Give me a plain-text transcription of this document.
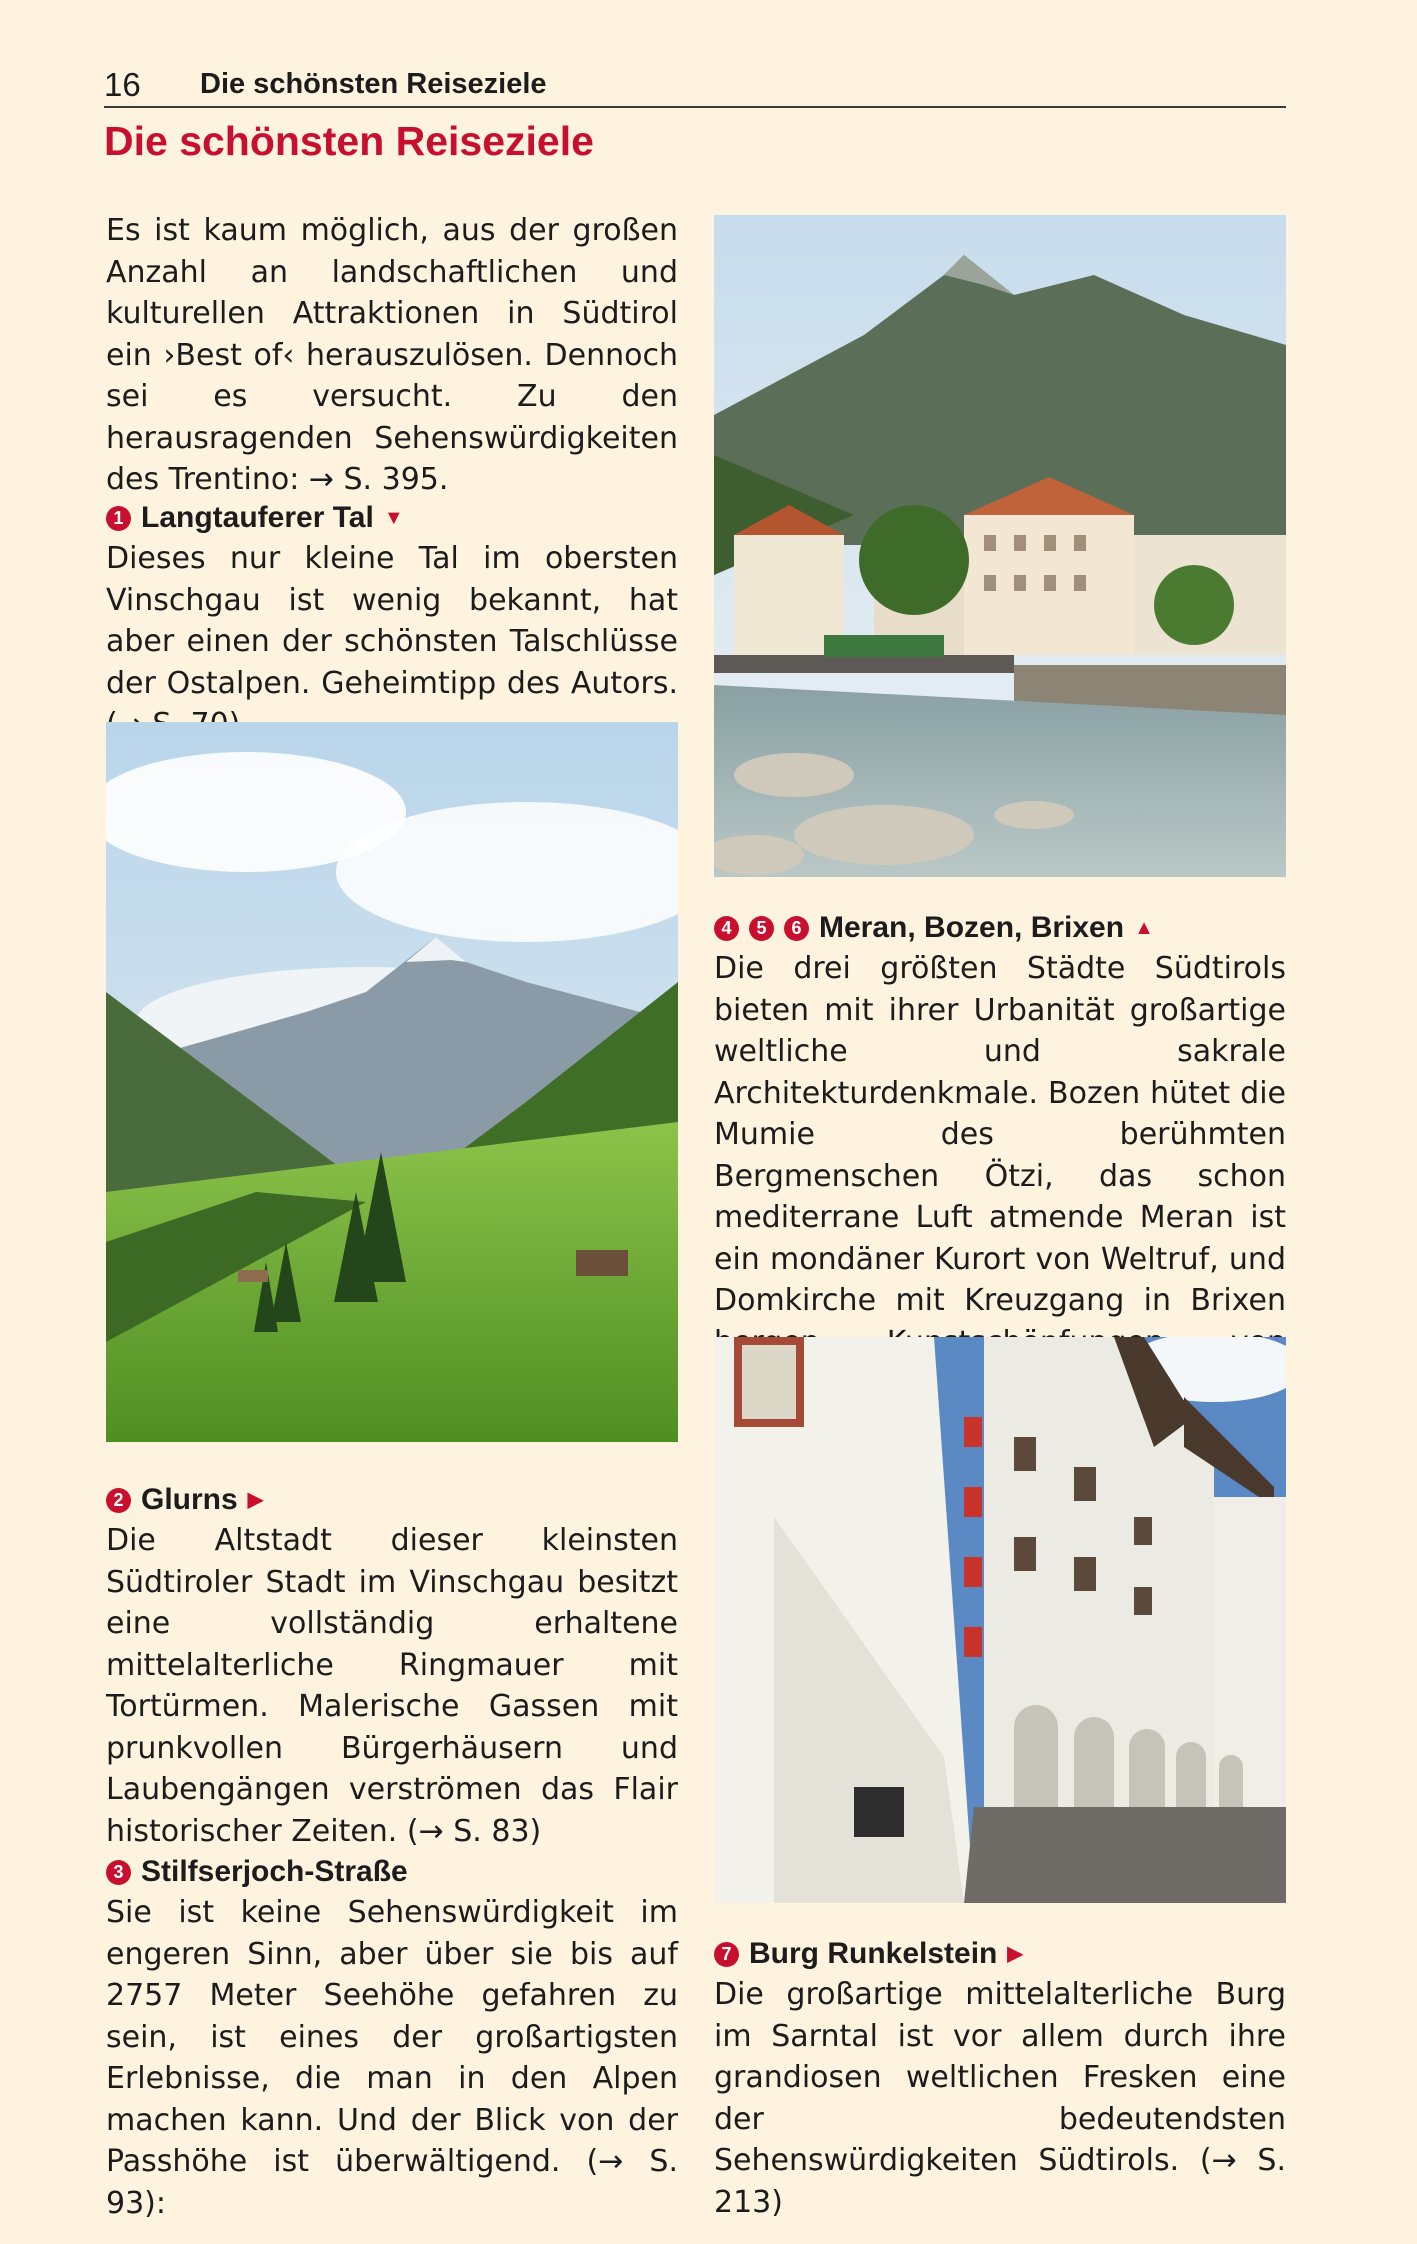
16 Die schönsten Reiseziele
Die schönsten Reiseziele

Es ist kaum möglich, aus der großen Anzahl an landschaftlichen und kulturellen Attraktionen in Südtirol ein ›Best of‹ herauszulösen. Dennoch sei es versucht. Zu den herausragenden Sehenswürdigkeiten des Trentino: → S. 395.

1 Langtauferer Tal ▼

Dieses nur kleine Tal im obersten Vinschgau ist wenig bekannt, hat aber einen der schönsten Talschlüsse der Ostalpen. Geheimtipp des Autors.

2 Glurns ▶

Die Altstadt dieser kleinsten Südtiroler Stadt im Vinschgau besitzt eine vollständig erhaltene mittelalterliche Ringmauer mit Tortürmen. Malerische Gassen mit prunkvollen Bürgerhäusern und Laubengängen verströmen das Flair historischer Zeiten. (→ S. 83)

3 Stilfserjoch-Straße

Sie ist keine Sehenswürdigkeit im engeren Sinn, aber über sie bis auf 2757 Meter Seehöhe gefahren zu sein, ist eines der großartigsten Erlebnisse, die man in den Alpen machen kann. Und der Blick von der Passhöhe ist überwältigend. (→ S. 93):

4	5	6 Meran, Bozen, Brixen ▲

Die drei größten Städte Südtirols bieten mit ihrer Urbanität großartige weltliche und sakrale Architekturdenkmale. Bozen hütet die Mumie des berühmten Bergmenschen Ötzi, das schon mediterrane Luft atmende Meran ist ein mondäner Kurort von Weltruf, und Domkirche mit Kreuzgang in Brixen

7 Burg Runkelstein ▶

Die großartige mittelalterliche Burg im Sarntal ist vor allem durch ihre grandiosen weltlichen Fresken eine der bedeutendsten Sehenswürdigkeiten Südtirols. (→ S. 213)
